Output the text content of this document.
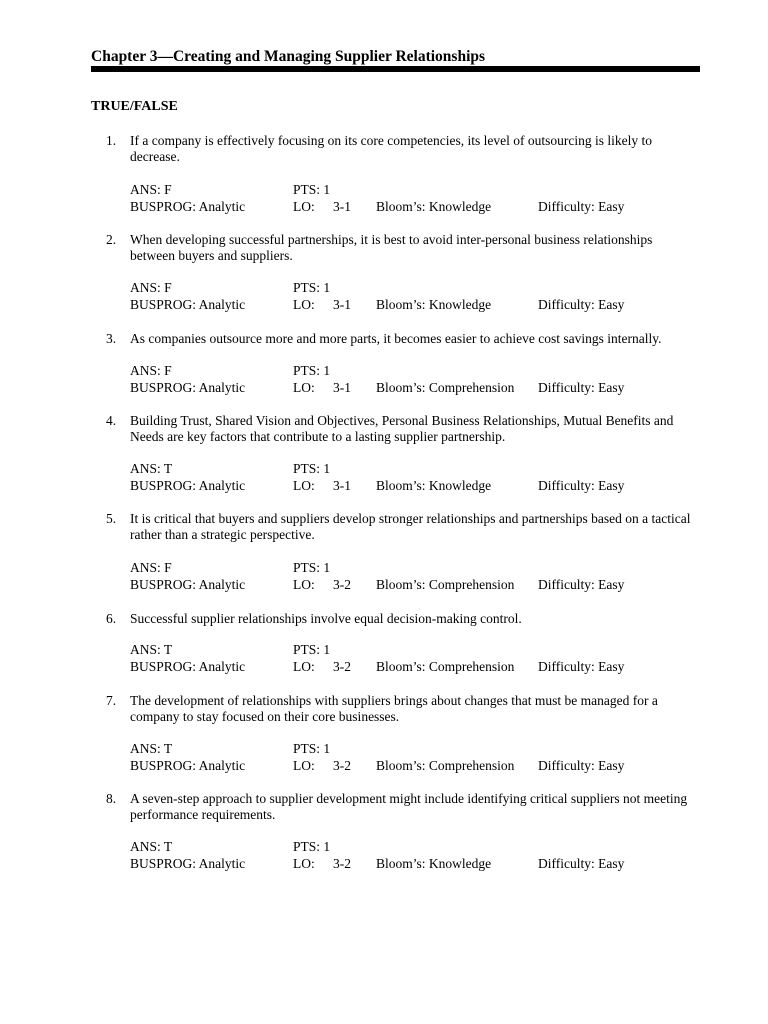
Chapter 3—Creating and Managing Supplier Relationships
TRUE/FALSE
1.	If a company is effectively focusing on its core competencies, its level of outsourcing is likely to decrease.
ANS: F	PTS: 1
BUSPROG: Analytic	LO: 3-1 Bloom’s: Knowledge	Difficulty: Easy
2.	When developing successful partnerships, it is best to avoid inter-personal business relationships between buyers and suppliers.
ANS: F	PTS: 1
BUSPROG: Analytic	LO: 3-1 Bloom’s: Knowledge	Difficulty: Easy
3.	As companies outsource more and more parts, it becomes easier to achieve cost savings internally.
ANS: F	PTS: 1
BUSPROG: Analytic	LO: 3-1 Bloom’s: Comprehension Difficulty: Easy
4.	Building Trust, Shared Vision and Objectives, Personal Business Relationships, Mutual Benefits and Needs are key factors that contribute to a lasting supplier partnership.
ANS: T	PTS: 1
BUSPROG: Analytic	LO: 3-1 Bloom’s: Knowledge	Difficulty: Easy
5.	It is critical that buyers and suppliers develop stronger relationships and partnerships based on a tactical rather than a strategic perspective.
ANS: F	PTS: 1
BUSPROG: Analytic	LO: 3-2 Bloom’s: Comprehension Difficulty: Easy
6.	Successful supplier relationships involve equal decision-making control.
ANS: T	PTS: 1
BUSPROG: Analytic	LO: 3-2 Bloom’s: Comprehension Difficulty: Easy
7.	The development of relationships with suppliers brings about changes that must be managed for a company to stay focused on their core businesses.
ANS: T	PTS: 1
BUSPROG: Analytic	LO: 3-2 Bloom’s: Comprehension Difficulty: Easy
8.	A seven-step approach to supplier development might include identifying critical suppliers not meeting performance requirements.
ANS: T	PTS: 1
BUSPROG: Analytic	LO: 3-2 Bloom’s: Knowledge	Difficulty: Easy
